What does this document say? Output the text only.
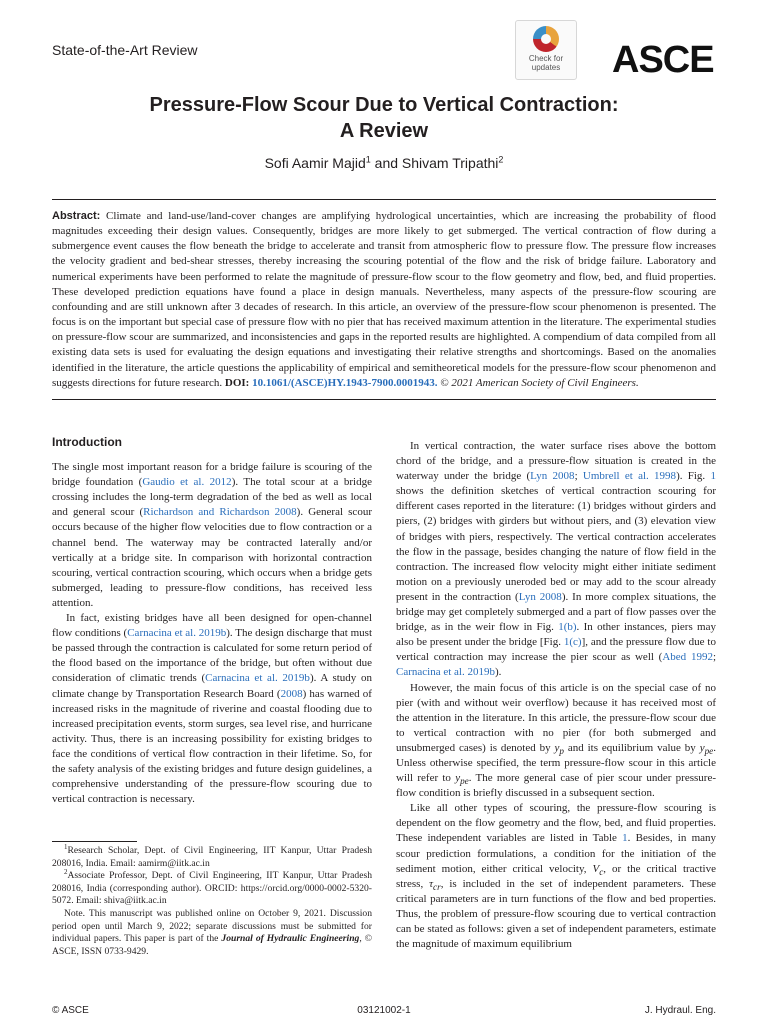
State-of-the-Art Review
Check for
updates	ASCE
Pressure-Flow Scour Due to Vertical Contraction:
A Review
Sofi Aamir Majid$^1$ and Shivam Tripathi$^2$

Abstract: Climate and land-use/land-cover changes are amplifying hydrological uncertainties, which are increasing the probability of flood magnitudes exceeding their design values. Consequently, bridges are more likely to get submerged. The vertical contraction of flow during a submergence event causes the flow beneath the bridge to accelerate and transit from atmospheric flow to pressure flow. The pressure flow increases the velocity gradient and bed-shear stresses, thereby increasing the scouring potential of the flow and the risk of bridge failure. Laboratory and numerical experiments have been performed to relate the magnitude of pressure-flow scour to the flow geometry and flow, bed, and fluid properties. These developed prediction equations have found a place in design manuals. Nevertheless, many aspects of the pressure-flow scouring are confounding and are still unknown after 3 decades of research. In this article, an overview of the pressure-flow scour phenomenon is presented. The focus is on the important but special case of pressure flow with no pier that has received maximum attention in the literature. The experimental studies on pressure-flow scour are summarized, and inconsistencies and gaps in the reported results are highlighted. A compendium of data compiled from all existing data sets is used for evaluating the design equations and investigating their relative strengths and shortcomings. Based on the anomalies identified in the literature, the article questions the applicability of empirical and semitheoretical models for the pressure-flow scour phenomenon and suggests directions for future research. DOI: 10.1061/(ASCE)HY.1943-7900.0001943. © 2021 American Society of Civil Engineers.

Introduction

The single most important reason for a bridge failure is scouring of the bridge foundation (Gaudio et al. 2012). The total scour at a bridge crossing includes the long-term degradation of the bed as well as local and general scour (Richardson and Richardson 2008). General scour occurs because of the higher flow velocities due to flow contraction or a channel bend. The waterway may be contracted laterally and/or vertically at a bridge site. In comparison with horizontal contraction scouring, vertical contraction scouring, which occurs when a bridge gets submerged, leading to pressure-flow conditions, has received less attention.

In fact, existing bridges have all been designed for open-channel flow conditions (Carnacina et al. 2019b). The design discharge that must be passed through the contraction is calculated for some return period of the flood based on the importance of the bridge, but often without due consideration of climatic trends (Carnacina et al. 2019b). A study on climate change by Transportation Research Board (2008) has warned of increased risks in the magnitude of riverine and coastal flooding due to increased precipitation events, storm surges, sea level rise, and hurricane activity. Thus, there is an increasing possibility for existing bridges to face the conditions of vertical flow contraction in their lifetime. So, for the safety analysis of the existing bridges and future design guidelines, a comprehensive understanding of the pressure-flow scouring due to vertical contraction is necessary.

$^1$Research Scholar, Dept. of Civil Engineering, IIT Kanpur, Uttar Pradesh 208016, India. Email: aamirm@iitk.ac.in

$^2$Associate Professor, Dept. of Civil Engineering, IIT Kanpur, Uttar Pradesh 208016, India (corresponding author). ORCID: https://orcid.org/0000-0002-5320-5072. Email: shiva@iitk.ac.in

Note. This manuscript was published online on October 9, 2021. Discussion period open until March 9, 2022; separate discussions must be submitted for individual papers. This paper is part of the Journal of Hydraulic Engineering, © ASCE, ISSN 0733-9429.

In vertical contraction, the water surface rises above the bottom chord of the bridge, and a pressure-flow situation is created in the waterway under the bridge (Lyn 2008; Umbrell et al. 1998). Fig. 1 shows the definition sketches of vertical contraction scouring for different cases reported in the literature: (1) bridges without girders and piers, (2) bridges with girders but without piers, and (3) elevation view of bridges with piers, respectively. The vertical contraction accelerates the flow in the passage, besides changing the nature of flow field in the contraction. The increased flow velocity might either initiate sediment motion on a previously uneroded bed or may add to the scour already present in the contraction (Lyn 2008). In more complex situations, the bridge may get completely submerged and a part of flow passes over the bridge, as in the weir flow in Fig. 1(b). In other instances, piers may also be present under the bridge [Fig. 1(c)], and the pressure flow due to vertical contraction may increase the pier scour as well (Abed 1992; Carnacina et al. 2019b).

However, the main focus of this article is on the special case of no pier (with and without weir overflow) because it has received most of the attention in the literature. In this article, the pressure-flow scour due to vertical contraction with no pier (for both submerged and unsubmerged cases) is denoted by $y_p$ and its equilibrium value by $y_{pe}$. Unless otherwise specified, the term pressure-flow scour in this article will refer to $y_{pe}$. The more general case of pier scour under pressure-flow condition is briefly discussed in a subsequent section.

Like all other types of scouring, the pressure-flow scouring is dependent on the flow geometry and the flow, bed, and fluid properties. These independent variables are listed in Table 1. Besides, in many scour prediction formulations, a condition for the initiation of the sediment motion, either critical velocity, $V_c$, or the critical tractive stress, $\tau_{cr}$, is included in the set of independent parameters. These critical parameters are in turn functions of the flow and bed properties. Thus, the problem of pressure-flow scouring due to vertical contraction can be stated as follows: given a set of independent parameters, estimate the magnitude of maximum equilibrium

© ASCE	03121002-1	J. Hydraul. Eng.
